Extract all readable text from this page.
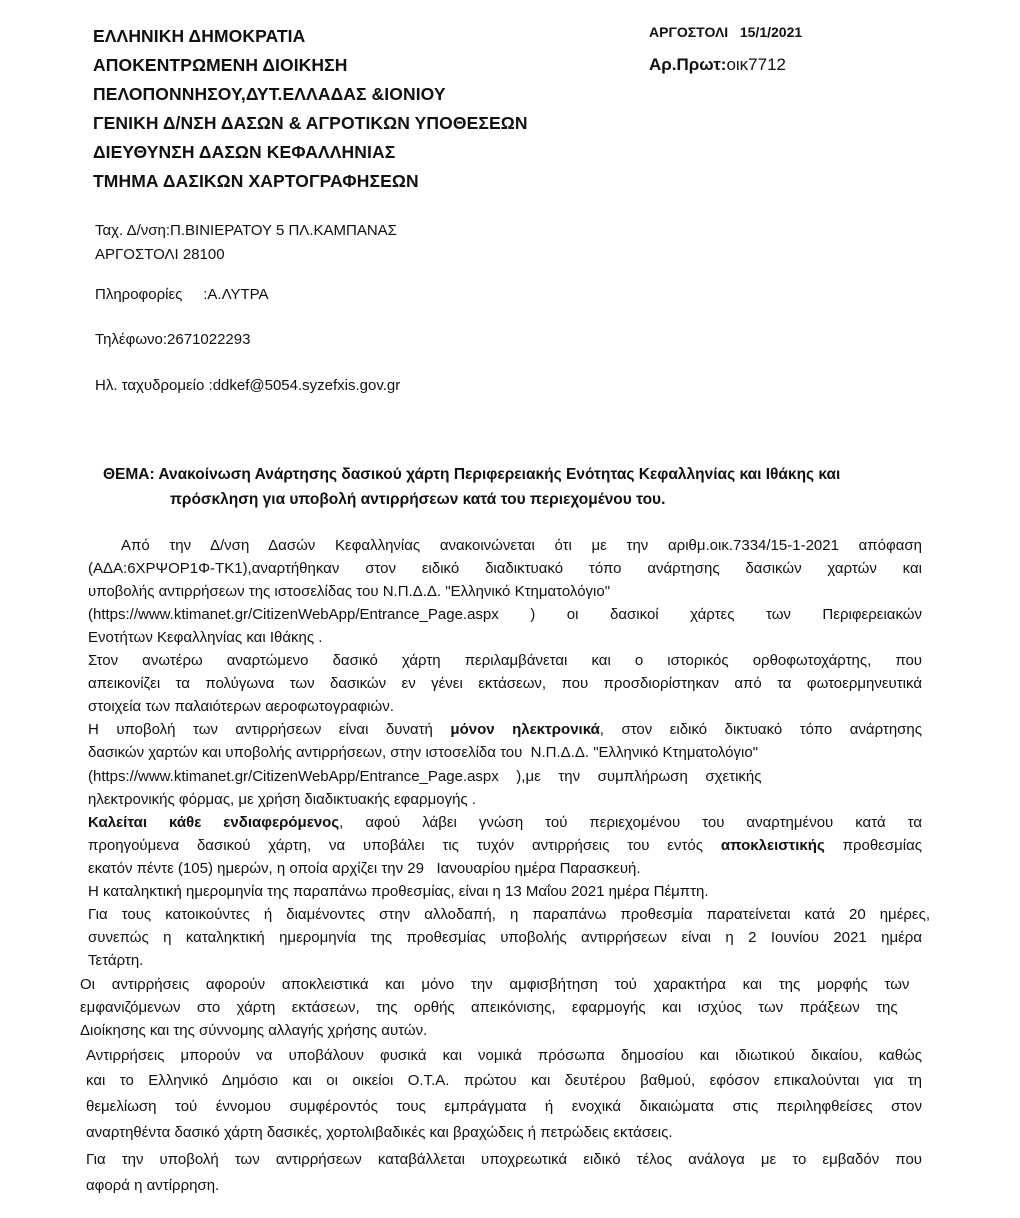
ΕΛΛΗΝΙΚΗ ΔΗΜΟΚΡΑΤΙΑ
ΑΠΟΚΕΝΤΡΩΜΕΝΗ ΔΙΟΙΚΗΣΗ
ΠΕΛΟΠΟΝΝΗΣΟΥ,ΔΥΤ.ΕΛΛΑΔΑΣ &ΙΟΝΙΟΥ
ΓΕΝΙΚΗ Δ/ΝΣΗ ΔΑΣΩΝ & ΑΓΡΟΤΙΚΩΝ ΥΠΟΘΕΣΕΩΝ
ΔΙΕΥΘΥΝΣΗ ΔΑΣΩΝ ΚΕΦΑΛΛΗΝΙΑΣ
ΤΜΗΜΑ ΔΑΣΙΚΩΝ ΧΑΡΤΟΓΡΑΦΗΣΕΩΝ
ΑΡΓΟΣΤΟΛΙ   15/1/2021
Αρ.Πρωτ:οικ7712
Ταχ. Δ/νση:Π.ΒΙΝΙΕΡΑΤΟΥ 5 ΠΛ.ΚΑΜΠΑΝΑΣ
ΑΡΓΟΣΤΟΛΙ 28100
Πληροφορίες     :Α.ΛΥΤΡΑ
Τηλέφωνο:2671022293
Ηλ. ταχυδρομείο :ddkef@5054.syzefxis.gov.gr
ΘΕΜΑ: Ανακοίνωση Ανάρτησης δασικού χάρτη Περιφερειακής Ενότητας Κεφαλληνίας και Ιθάκης και
πρόσκληση για υποβολή αντιρρήσεων κατά του περιεχομένου του.
Από την Δ/νση Δασών Κεφαλληνίας ανακοινώνεται ότι με την αριθμ.οικ.7334/15-1-2021 απόφαση
(ΑΔΑ:6ΧΡΨΟΡ1Φ-ΤΚ1),αναρτήθηκαν στον ειδικό διαδικτυακό τόπο ανάρτησης δασικών χαρτών και
υποβολής αντιρρήσεων της ιστοσελίδας του Ν.Π.Δ.Δ. "Ελληνικό Κτηματολόγιο"
(https://www.ktimanet.gr/CitizenWebApp/Entrance_Page.aspx ) οι δασικοί χάρτες των Περιφερειακών
Ενοτήτων Κεφαλληνίας και Ιθάκης .
Στον ανωτέρω αναρτώμενο δασικό χάρτη περιλαμβάνεται και ο ιστορικός ορθοφωτοχάρτης, που
απεικονίζει τα πολύγωνα των δασικών εν γένει εκτάσεων, που προσδιορίστηκαν από τα φωτοερμηνευτικά
στοιχεία των παλαιότερων αεροφωτογραφιών.
Η υποβολή των αντιρρήσεων είναι δυνατή μόνον ηλεκτρονικά, στον ειδικό δικτυακό τόπο ανάρτησης
δασικών χαρτών και υποβολής αντιρρήσεων, στην ιστοσελίδα του  Ν.Π.Δ.Δ. "Ελληνικό Κτηματολόγιο"
(https://www.ktimanet.gr/CitizenWebApp/Entrance_Page.aspx ),με την συμπλήρωση σχετικής
ηλεκτρονικής φόρμας, με χρήση διαδικτυακής εφαρμογής .
Καλείται κάθε ενδιαφερόμενος, αφού λάβει γνώση τού περιεχομένου του αναρτημένου κατά τα
προηγούμενα δασικού χάρτη, να υποβάλει τις τυχόν αντιρρήσεις του εντός αποκλειστικής προθεσμίας
εκατόν πέντε (105) ημερών, η οποία αρχίζει την 29   Ιανουαρίου ημέρα Παρασκευή.
Η καταληκτική ημερομηνία της παραπάνω προθεσμίας, είναι η 13 Μαΐου 2021 ημέρα Πέμπτη.
Για τους κατοικούντες ή διαμένοντες στην αλλοδαπή, η παραπάνω προθεσμία παρατείνεται κατά 20 ημέρες,
συνεπώς η καταληκτική ημερομηνία της προθεσμίας υποβολής αντιρρήσεων είναι η 2 Ιουνίου 2021 ημέρα
Τετάρτη.
Οι αντιρρήσεις αφορούν αποκλειστικά και μόνο την αμφισβήτηση τού χαρακτήρα και της μορφής των
εμφανιζόμενων στο χάρτη εκτάσεων, της ορθής απεικόνισης, εφαρμογής και ισχύος των πράξεων της
Διοίκησης και της σύννομης αλλαγής χρήσης αυτών.
Αντιρρήσεις μπορούν να υποβάλουν φυσικά και νομικά πρόσωπα δημοσίου και ιδιωτικού δικαίου, καθώς
και το Ελληνικό Δημόσιο και οι οικείοι Ο.Τ.Α. πρώτου και δευτέρου βαθμού, εφόσον επικαλούνται για τη
θεμελίωση τού έννομου συμφέροντός τους εμπράγματα ή ενοχικά δικαιώματα στις περιληφθείσες στον
αναρτηθέντα δασικό χάρτη δασικές, χορτολιβαδικές και βραχώδεις ή πετρώδεις εκτάσεις.
Για την υποβολή των αντιρρήσεων καταβάλλεται υποχρεωτικά ειδικό τέλος ανάλογα με το εμβαδόν που
αφορά η αντίρρηση.
